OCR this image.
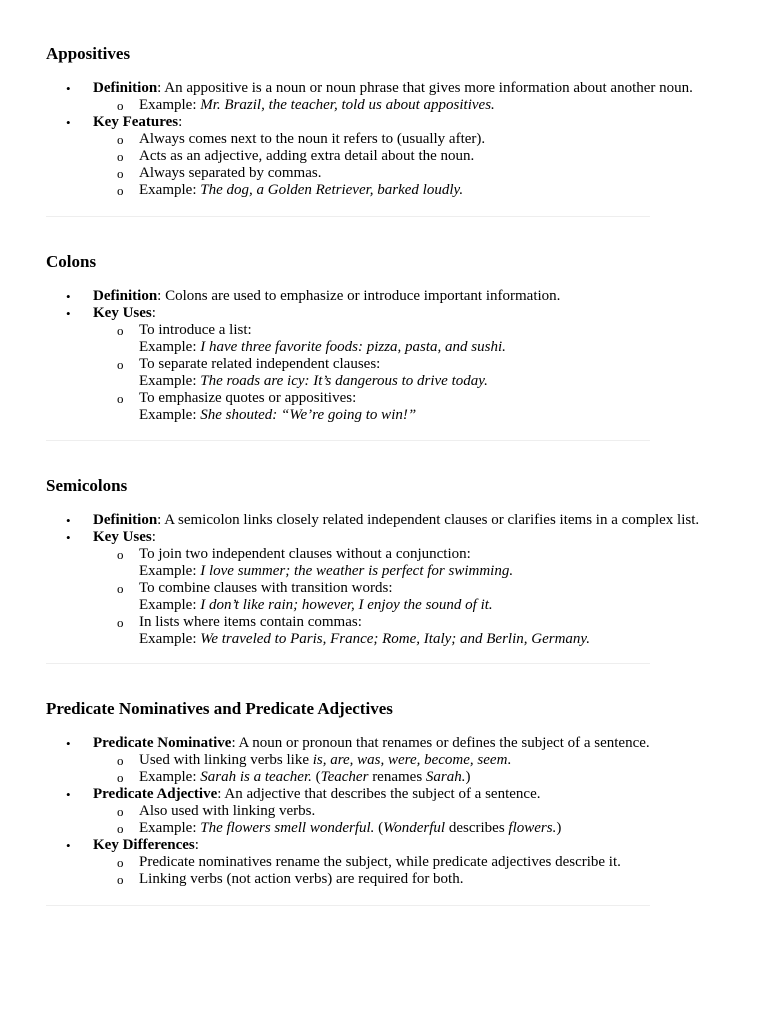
Appositives
• Definition: An appositive is a noun or noun phrase that gives more information about another noun.
o Example: Mr. Brazil, the teacher, told us about appositives.
• Key Features:
o Always comes next to the noun it refers to (usually after).
o Acts as an adjective, adding extra detail about the noun.
o Always separated by commas.
o Example: The dog, a Golden Retriever, barked loudly.
Colons
• Definition: Colons are used to emphasize or introduce important information.
• Key Uses:
o To introduce a list:
Example: I have three favorite foods: pizza, pasta, and sushi.
o To separate related independent clauses:
Example: The roads are icy: It’s dangerous to drive today.
o To emphasize quotes or appositives:
Example: She shouted: “We’re going to win!”
Semicolons
• Definition: A semicolon links closely related independent clauses or clarifies items in a complex list.
• Key Uses:
o To join two independent clauses without a conjunction:
Example: I love summer; the weather is perfect for swimming.
o To combine clauses with transition words:
Example: I don’t like rain; however, I enjoy the sound of it.
o In lists where items contain commas:
Example: We traveled to Paris, France; Rome, Italy; and Berlin, Germany.
Predicate Nominatives and Predicate Adjectives
• Predicate Nominative: A noun or pronoun that renames or defines the subject of a sentence.
o Used with linking verbs like is, are, was, were, become, seem.
o Example: Sarah is a teacher. (Teacher renames Sarah.)
• Predicate Adjective: An adjective that describes the subject of a sentence.
o Also used with linking verbs.
o Example: The flowers smell wonderful. (Wonderful describes flowers.)
• Key Differences:
o Predicate nominatives rename the subject, while predicate adjectives describe it.
o Linking verbs (not action verbs) are required for both.
